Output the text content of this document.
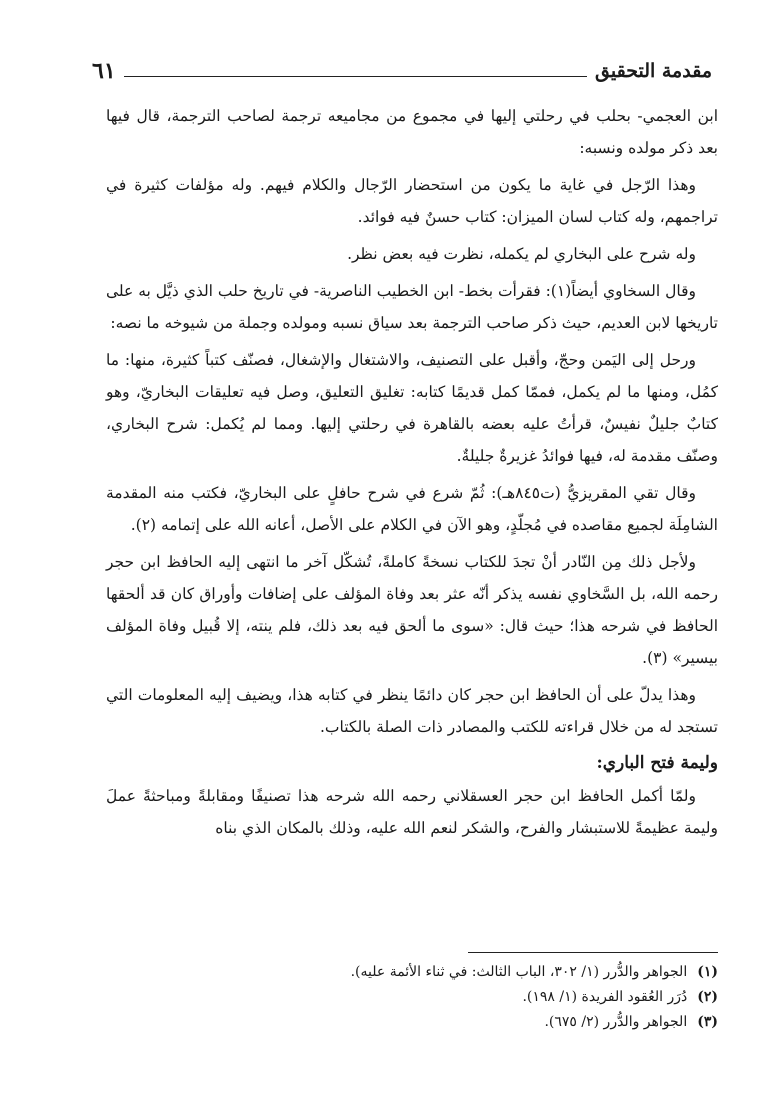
مقدمة التحقيق
٦١

ابن العجمي- بحلب في رحلتي إليها في مجموع من مجاميعه ترجمة لصاحب الترجمة، قال فيها بعد ذكر مولده ونسبه:

وهذا الرّجل في غاية ما يكون من استحضار الرّجال والكلام فيهم. وله مؤلفات كثيرة في تراجمهم، وله كتاب لسان الميزان: كتاب حسنٌ فيه فوائد.

وله شرح على البخاري لم يكمله، نظرت فيه بعض نظر.

وقال السخاوي أيضاً(١): فقرأت بخط- ابن الخطيب الناصرية- في تاريخ حلب الذي ذيَّل به على تاريخها لابن العديم، حيث ذكر صاحب الترجمة بعد سياق نسبه ومولده وجملة من شيوخه ما نصه:

ورحل إلى اليَمن وحجّ، وأقبل على التصنيف، والاشتغال والإشغال، فصنّف كتباً كثيرة، منها: ما كمُل، ومنها ما لم يكمل، فممّا كمل قديمًا كتابه: تغليق التعليق، وصل فيه تعليقات البخاريّ، وهو كتابٌ جليلٌ نفيسٌ، قرأتُ عليه بعضه بالقاهرة في رحلتي إليها. ومما لم يُكمل: شرح البخاري، وصنّف مقدمة له، فيها فوائدُ غزيرةٌ جليلةٌ.

وقال تقي المقريزيُّ (ت٨٤٥هـ): ثُمّ شرع في شرح حافلٍ على البخاريّ، فكتب منه المقدمة الشامِلَة لجميع مقاصده في مُجلّدٍ، وهو الآن في الكلام على الأصل، أعانه الله على إتمامه (٢).

ولأجل ذلك مِن النّادر أنْ تجدَ للكتاب نسخةً كاملةً، تُشكّل آخر ما انتهى إليه الحافظ ابن حجر رحمه الله، بل السَّخاوي نفسه يذكر أنّه عثر بعد وفاة المؤلف على إضافات وأوراق كان قد ألحقها الحافظ في شرحه هذا؛ حيث قال: «سوى ما ألحق فيه بعد ذلك، فلم ينته، إلا قُبيل وفاة المؤلف بيسير» (٣).

وهذا يدلّ على أن الحافظ ابن حجر كان دائمًا ينظر في كتابه هذا، ويضيف إليه المعلومات التي تستجد له من خلال قراءته للكتب والمصادر ذات الصلة بالكتاب.

وليمة فتح الباري:

ولمّا أكمل الحافظ ابن حجر العسقلاني رحمه الله شرحه هذا تصنيفًا ومقابلةً ومباحثةً عملَ وليمة عظيمةً للاستبشار والفرح، والشكر لنعم الله عليه، وذلك بالمكان الذي بناه

(١)
الجواهر والدُّرر (١/ ٣٠٢، الباب الثالث: في ثناء الأئمة عليه).
(٢)
دُرَر العُقود الفريدة (١/ ١٩٨).
(٣)
الجواهر والدُّرر (٢/ ٦٧٥).
